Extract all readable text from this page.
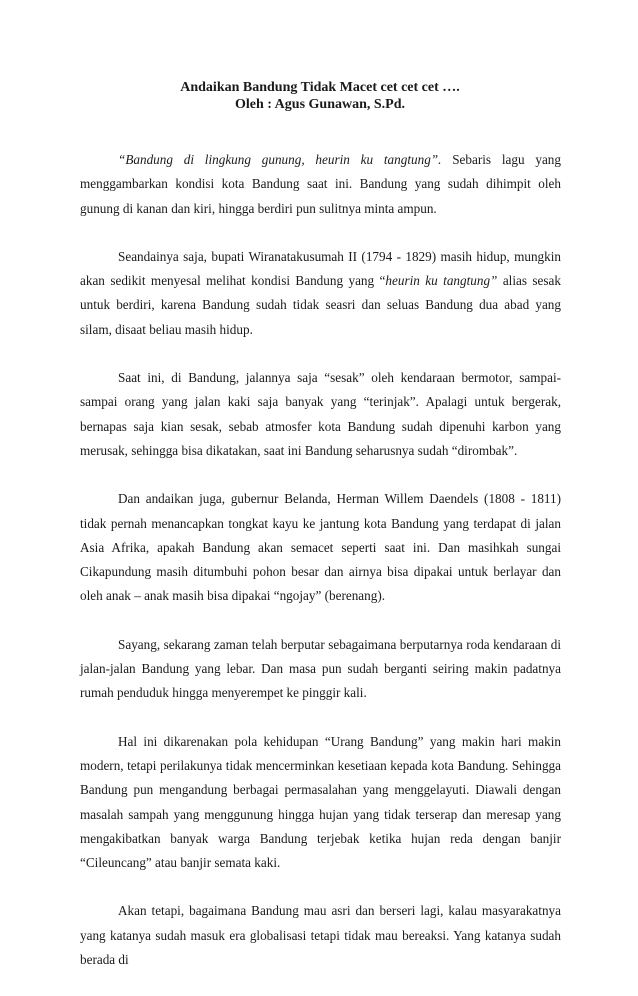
Andaikan Bandung Tidak Macet cet cet cet ….
Oleh : Agus Gunawan, S.Pd.

“Bandung di lingkung gunung, heurin ku tangtung”. Sebaris lagu yang menggambarkan kondisi kota Bandung saat ini. Bandung yang sudah dihimpit oleh gunung di kanan dan kiri, hingga berdiri pun sulitnya minta ampun.

Seandainya saja, bupati Wiranatakusumah II (1794 - 1829) masih hidup, mungkin akan sedikit menyesal melihat kondisi Bandung yang “heurin ku tangtung” alias sesak untuk berdiri, karena Bandung sudah tidak seasri dan seluas Bandung dua abad yang silam, disaat beliau masih hidup.

Saat ini, di Bandung, jalannya saja “sesak” oleh kendaraan bermotor, sampai-sampai orang yang jalan kaki saja banyak yang “terinjak”. Apalagi untuk bergerak, bernapas saja kian sesak, sebab atmosfer kota Bandung sudah dipenuhi karbon yang merusak, sehingga bisa dikatakan, saat ini Bandung seharusnya sudah “dirombak”.

Dan andaikan juga, gubernur Belanda, Herman Willem Daendels (1808 - 1811) tidak pernah menancapkan tongkat kayu ke jantung kota Bandung yang terdapat di jalan Asia Afrika, apakah Bandung akan semacet seperti saat ini. Dan masihkah sungai Cikapundung masih ditumbuhi pohon besar dan airnya bisa dipakai untuk berlayar dan oleh anak – anak masih bisa dipakai “ngojay” (berenang).

Sayang, sekarang zaman telah berputar sebagaimana berputarnya roda kendaraan di jalan-jalan Bandung yang lebar. Dan masa pun sudah berganti seiring makin padatnya rumah penduduk hingga menyerempet ke pinggir kali.

Hal ini dikarenakan pola kehidupan “Urang Bandung” yang makin hari makin modern, tetapi perilakunya tidak mencerminkan kesetiaan kepada kota Bandung. Sehingga Bandung pun mengandung berbagai permasalahan yang menggelayuti. Diawali dengan masalah sampah yang menggunung hingga hujan yang tidak terserap dan meresap yang mengakibatkan banyak warga Bandung terjebak ketika hujan reda dengan banjir “Cileuncang” atau banjir semata kaki.

Akan tetapi, bagaimana Bandung mau asri dan berseri lagi, kalau masyarakatnya yang katanya sudah masuk era globalisasi tetapi tidak mau bereaksi. Yang katanya sudah berada di
